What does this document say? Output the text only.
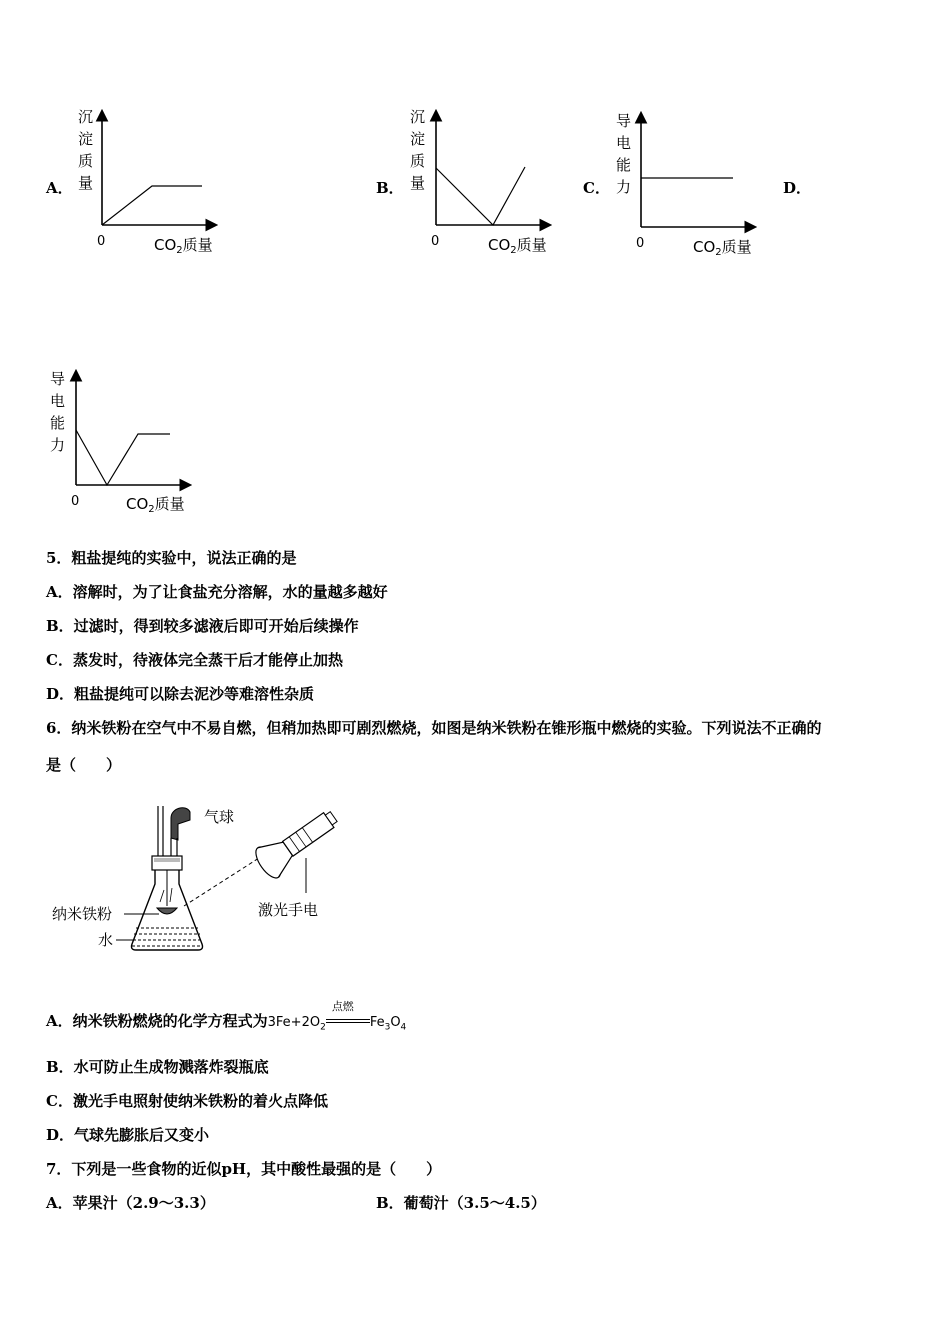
A．	B．	C．	D．
沉
淀
质
量
0	$CO_2$质量
沉
淀
质
量
0	$CO_2$质量
导
电
能
力
0	$CO_2$质量
导
电
能
力
0	$CO_2$质量
5．粗盐提纯的实验中，说法正确的是
A．溶解时，为了让食盐充分溶解，水的量越多越好
B．过滤时，得到较多滤液后即可开始后续操作
C．蒸发时，待液体完全蒸干后才能停止加热
D．粗盐提纯可以除去泥沙等难溶性杂质
6．纳米铁粉在空气中不易自燃，但稍加热即可剧烈燃烧，如图是纳米铁粉在锥形瓶中燃烧的实验。下列说法不正确的
是（　　）
气球
纳米铁粉
水
激光手电
A．纳米铁粉燃烧的化学方程式为$3Fe+2O_2$
点燃
$Fe_3O_4$
B．水可防止生成物溅落炸裂瓶底
C．激光手电照射使纳米铁粉的着火点降低
D．气球先膨胀后又变小
7．下列是一些食物的近似pH，其中酸性最强的是（　　）
A．苹果汁（2.9～3.3）	B．葡萄汁（3.5～4.5）
